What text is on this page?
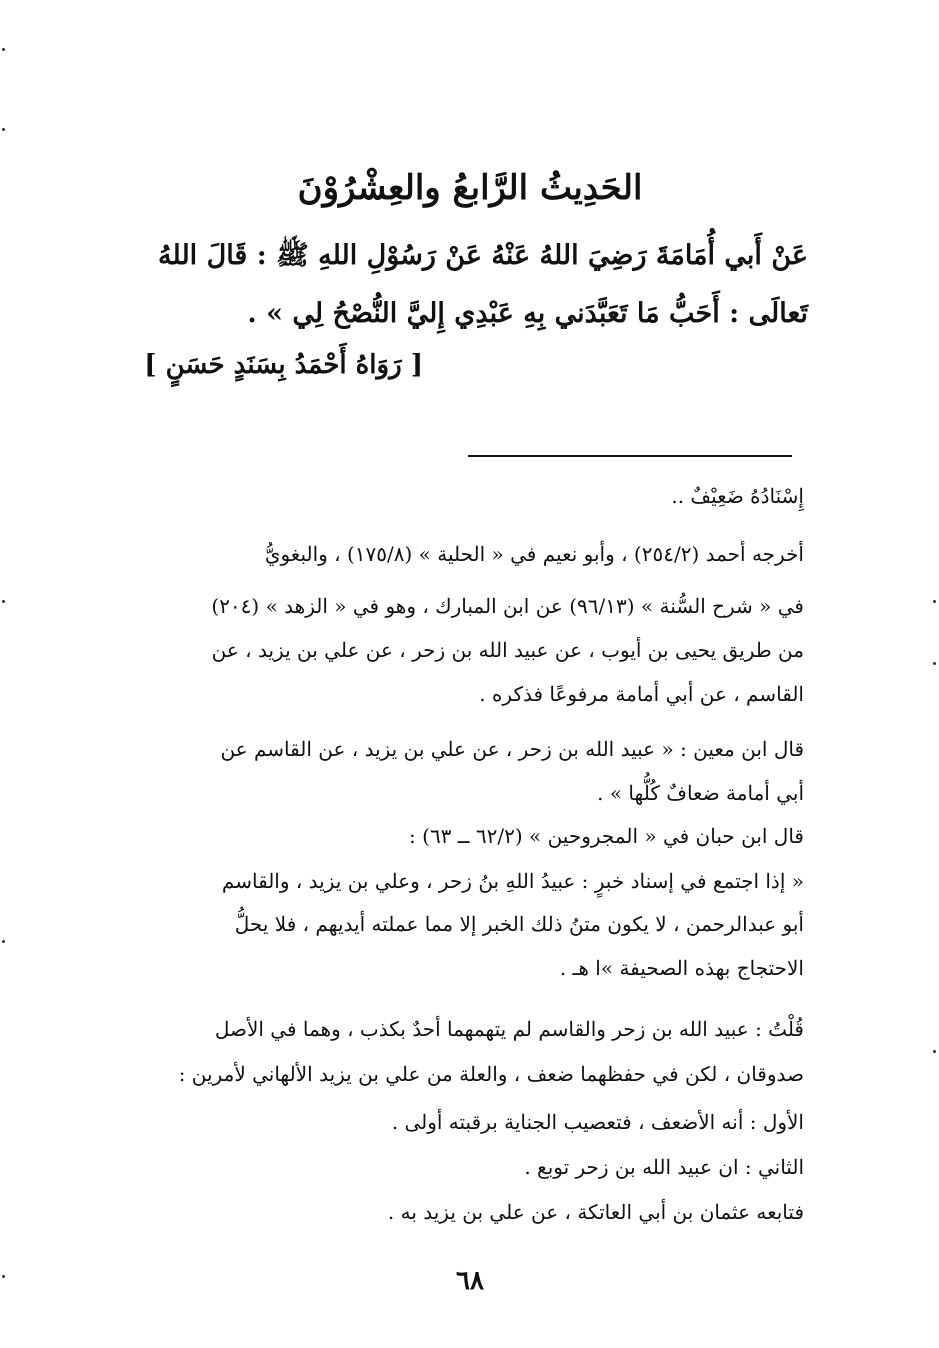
الحَدِيثُ الرَّابعُ والعِشْرُوْنَ
عَنْ أَبي أُمَامَةَ رَضِيَ اللهُ عَنْهُ عَنْ رَسُوْلِ اللهِ ﷺ : قَالَ اللهُ
تَعالَى : أَحَبُّ مَا تَعَبَّدَني بِهِ عَبْدِي إِليَّ النُّصْحُ لِي » .
[ رَوَاهُ أَحْمَدُ بِسَنَدٍ حَسَنٍ ]
إِسْنَادُهُ ضَعِيْفٌ ..
أخرجه أحمد (٢٥٤/٢) ، وأبو نعيم في « الحلية » (١٧٥/٨) ، والبغويُّ
في « شرح السُّنة » (٩٦/١٣) عن ابن المبارك ، وهو في « الزهد » (٢٠٤)
من طريق يحيى بن أيوب ، عن عبيد الله بن زحر ، عن علي بن يزيد ، عن
القاسم ، عن أبي أمامة مرفوعًا فذكره .
قال ابن معين : « عبيد الله بن زحر ، عن علي بن يزيد ، عن القاسم عن
أبي أمامة ضعافٌ كُلُّها » .
قال ابن حبان في « المجروحين » (٦٢/٢ ــ ٦٣) :
« إذا اجتمع في إسناد خبرٍ : عبيدُ اللهِ بنُ زحر ، وعلي بن يزيد ، والقاسم
أبو عبدالرحمن ، لا يكون متنُ ذلك الخبر إلا مما عملته أيديهم ، فلا يحلُّ
الاحتجاج بهذه الصحيفة »ا هـ .
قُلْتُ : عبيد الله بن زحر والقاسم لم يتهمهما أحدٌ بكذب ، وهما في الأصل
صدوقان ، لكن في حفظهما ضعف ، والعلة من علي بن يزيد الألهاني لأمرين :
الأول : أنه الأضعف ، فتعصيب الجناية برقبته أولى .
الثاني : ان عبيد الله بن زحر توبع .
فتابعه عثمان بن أبي العاتكة ، عن علي بن يزيد به .
٦٨
